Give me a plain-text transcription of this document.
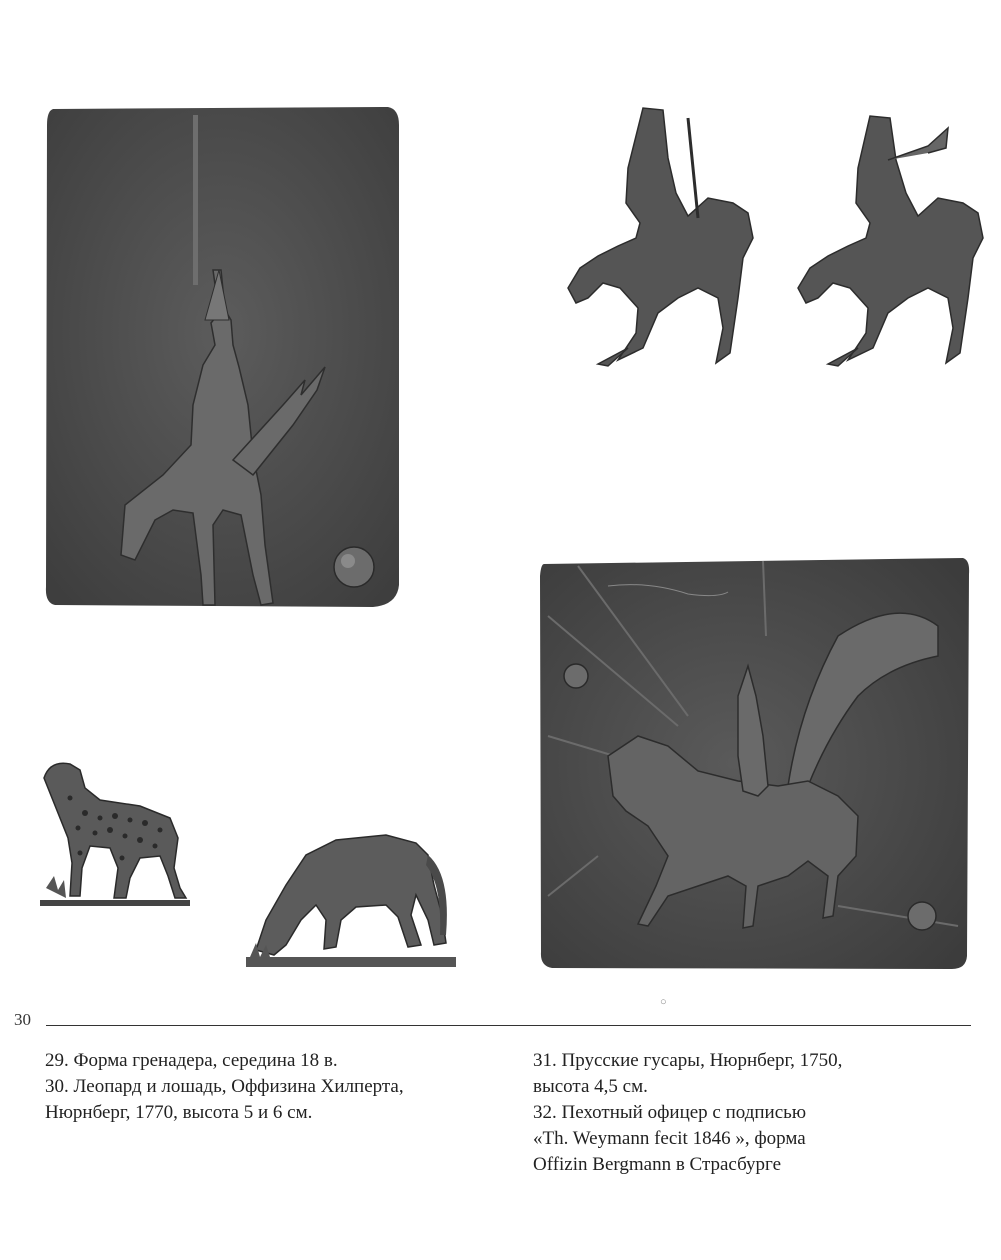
○
30
29. Форма гренадера, середина 18 в.
30. Леопард и лошадь, Оффизина Хилперта,
Нюрнберг, 1770, высота 5 и 6 см.
31. Прусские гусары, Нюрнберг, 1750,
высота 4,5 см.
32. Пехотный офицер с подписью
«Th. Weymann fecit 1846 », форма
Offizin Bergmann в Страсбурге
